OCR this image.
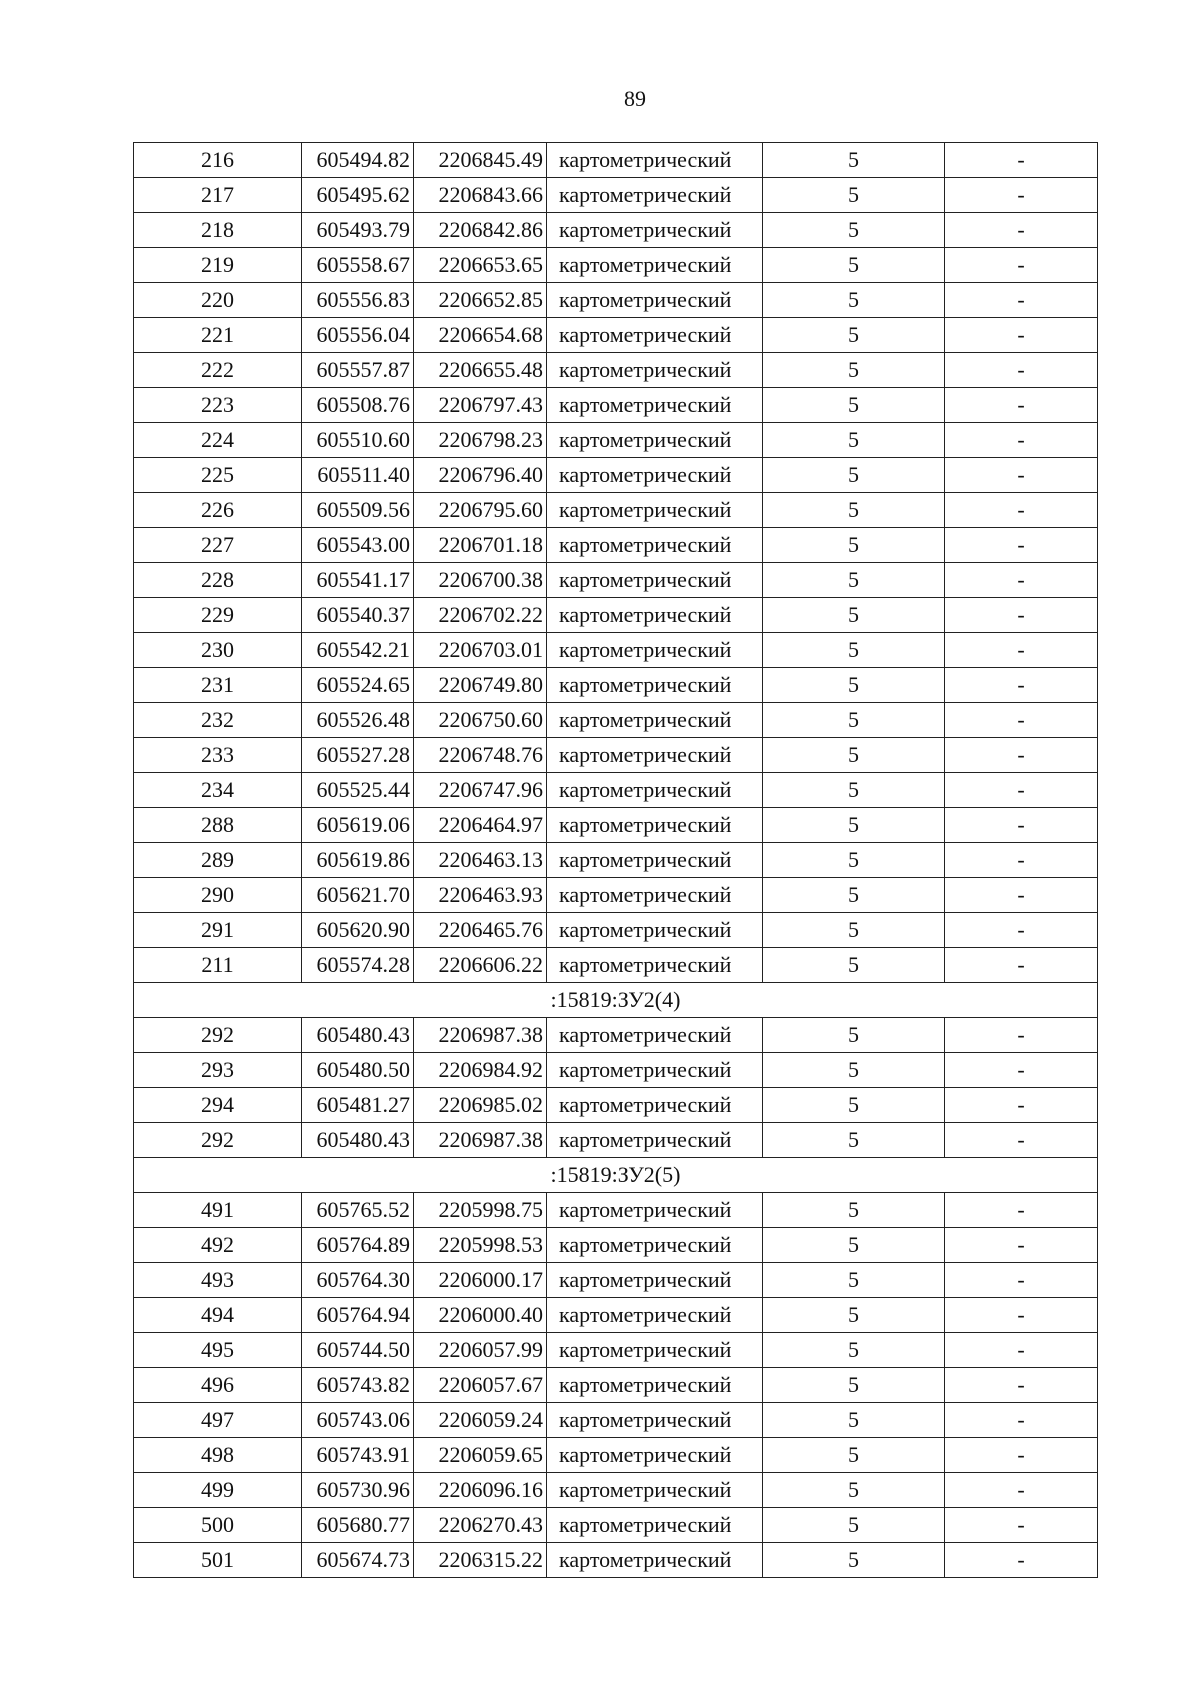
89
216	605494.82	2206845.49	картометрический	5	-
217	605495.62	2206843.66	картометрический	5	-
218	605493.79	2206842.86	картометрический	5	-
219	605558.67	2206653.65	картометрический	5	-
220	605556.83	2206652.85	картометрический	5	-
221	605556.04	2206654.68	картометрический	5	-
222	605557.87	2206655.48	картометрический	5	-
223	605508.76	2206797.43	картометрический	5	-
224	605510.60	2206798.23	картометрический	5	-
225	605511.40	2206796.40	картометрический	5	-
226	605509.56	2206795.60	картометрический	5	-
227	605543.00	2206701.18	картометрический	5	-
228	605541.17	2206700.38	картометрический	5	-
229	605540.37	2206702.22	картометрический	5	-
230	605542.21	2206703.01	картометрический	5	-
231	605524.65	2206749.80	картометрический	5	-
232	605526.48	2206750.60	картометрический	5	-
233	605527.28	2206748.76	картометрический	5	-
234	605525.44	2206747.96	картометрический	5	-
288	605619.06	2206464.97	картометрический	5	-
289	605619.86	2206463.13	картометрический	5	-
290	605621.70	2206463.93	картометрический	5	-
291	605620.90	2206465.76	картометрический	5	-
211	605574.28	2206606.22	картометрический	5	-
:15819:ЗУ2(4)					
292	605480.43	2206987.38	картометрический	5	-
293	605480.50	2206984.92	картометрический	5	-
294	605481.27	2206985.02	картометрический	5	-
292	605480.43	2206987.38	картометрический	5	-
:15819:ЗУ2(5)					
491	605765.52	2205998.75	картометрический	5	-
492	605764.89	2205998.53	картометрический	5	-
493	605764.30	2206000.17	картометрический	5	-
494	605764.94	2206000.40	картометрический	5	-
495	605744.50	2206057.99	картометрический	5	-
496	605743.82	2206057.67	картометрический	5	-
497	605743.06	2206059.24	картометрический	5	-
498	605743.91	2206059.65	картометрический	5	-
499	605730.96	2206096.16	картометрический	5	-
500	605680.77	2206270.43	картометрический	5	-
501	605674.73	2206315.22	картометрический	5	-
